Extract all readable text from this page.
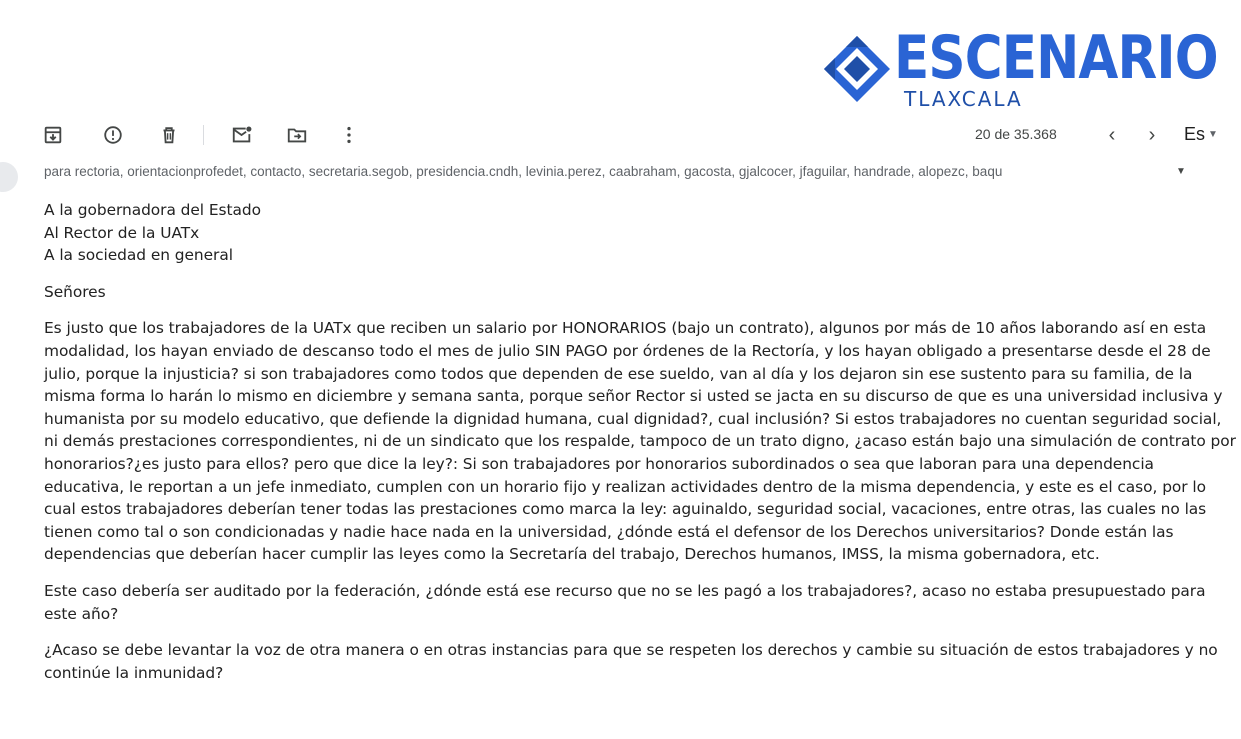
ESCENARIO
TLAXCALA
20 de 35.368	‹	›	Es ▼
para rectoria, orientacionprofedet, contacto, secretaria.segob, presidencia.cndh, levinia.perez, caabraham, gacosta, gjalcocer, jfaguilar, handrade, alopezc, baqu	▼

A la gobernadora del Estado
Al Rector de la UATx
A la sociedad en general

Señores

Es justo que los trabajadores de la UATx que reciben un salario por HONORARIOS (bajo un contrato), algunos por más de 10 años laborando así en esta modalidad, los hayan enviado de descanso todo el mes de julio SIN PAGO por órdenes de la Rectoría, y los hayan obligado a presentarse desde el 28 de julio, porque la injusticia? si son trabajadores como todos que dependen de ese sueldo, van al día y los dejaron sin ese sustento para su familia, de la misma forma lo harán lo mismo en diciembre y semana santa, porque señor Rector si usted se jacta en su discurso de que es una universidad inclusiva y humanista por su modelo educativo, que defiende la dignidad humana, cual dignidad?, cual inclusión? Si estos trabajadores no cuentan seguridad social, ni demás prestaciones correspondientes, ni de un sindicato que los respalde, tampoco de un trato digno, ¿acaso están bajo una simulación de contrato por honorarios?¿es justo para ellos? pero que dice la ley?: Si son trabajadores por honorarios subordinados o sea que laboran para una dependencia educativa, le reportan a un jefe inmediato, cumplen con un horario fijo y realizan actividades dentro de la misma dependencia, y este es el caso, por lo cual estos trabajadores deberían tener todas las prestaciones como marca la ley: aguinaldo, seguridad social, vacaciones, entre otras, las cuales no las tienen como tal o son condicionadas y nadie hace nada en la universidad, ¿dónde está el defensor de los Derechos universitarios? Donde están las dependencias que deberían hacer cumplir las leyes como la Secretaría del trabajo, Derechos humanos, IMSS, la misma gobernadora, etc.

Este caso debería ser auditado por la federación, ¿dónde está ese recurso que no se les pagó a los trabajadores?, acaso no estaba presupuestado para este año?

¿Acaso se debe levantar la voz de otra manera o en otras instancias para que se respeten los derechos y cambie su situación de estos trabajadores y no continúe la inmunidad?
